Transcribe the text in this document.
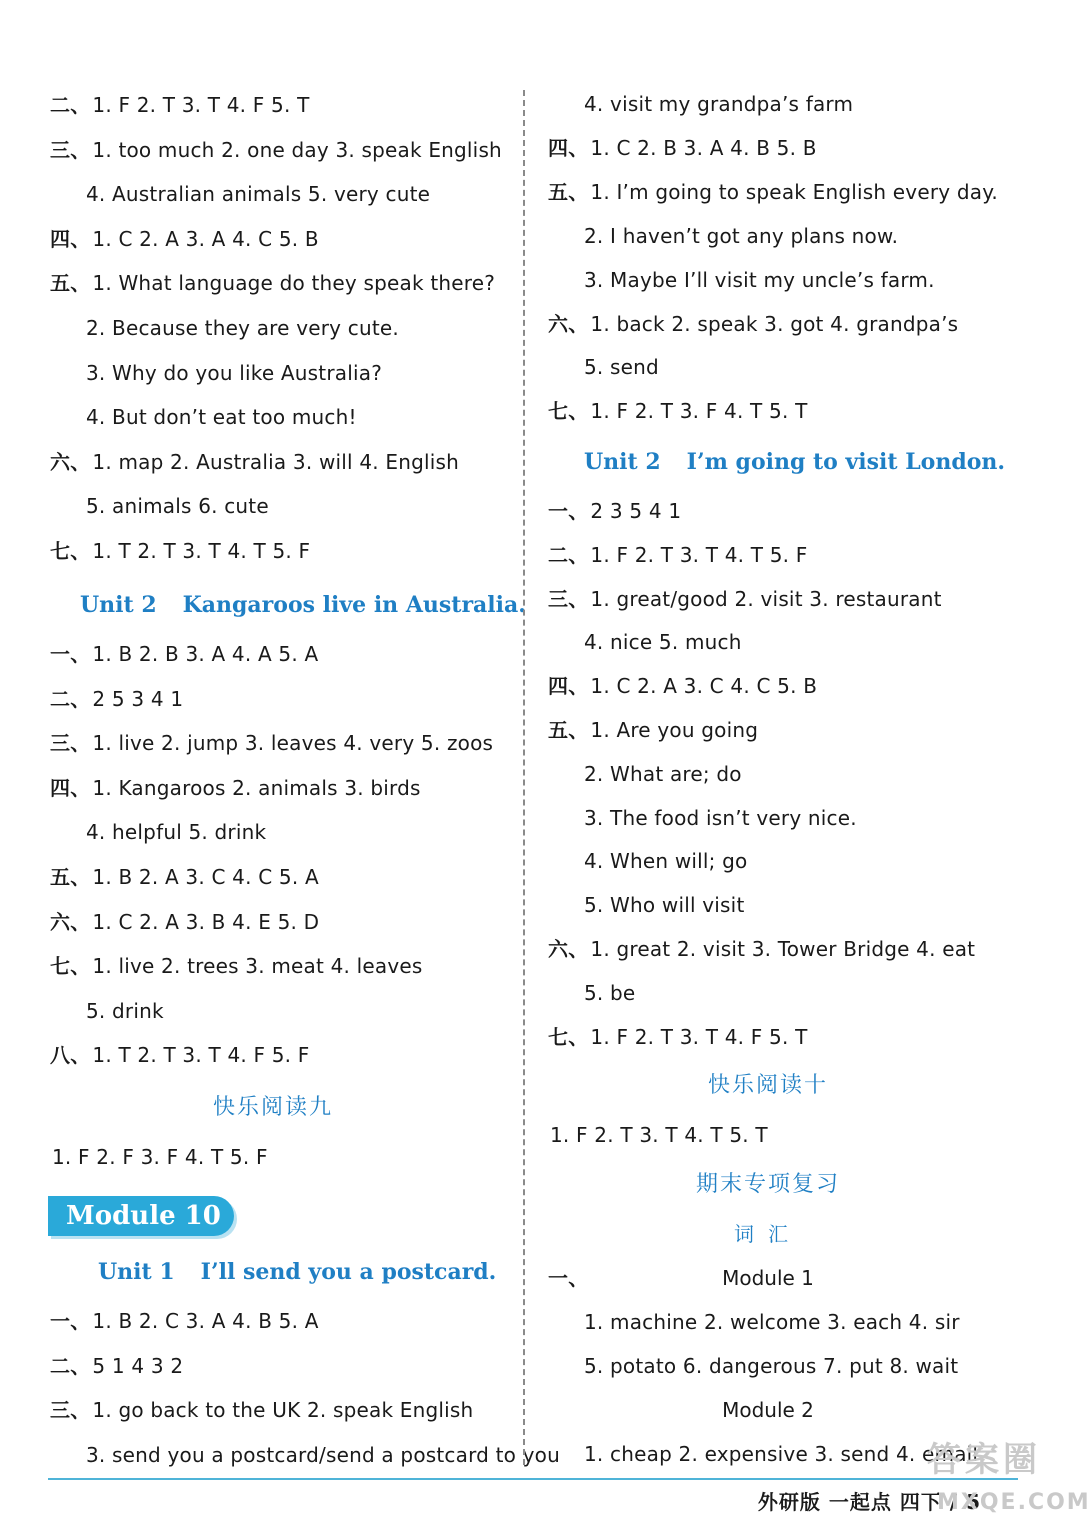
二、 1. F 2. T 3. T 4. F 5. T
三、 1. too much 2. one day 3. speak English
4. Australian animals 5. very cute
四、 1. C 2. A 3. A 4. C 5. B
五、 1. What language do they speak there?
2. Because they are very cute.
3. Why do you like Australia?
4. But don’t eat too much!
六、 1. map 2. Australia 3. will 4. English
5. animals 6. cute
七、 1. T 2. T 3. T 4. T 5. F
Unit 2 Kangaroos live in Australia.
一、 1. B 2. B 3. A 4. A 5. A
二、 2 5 3 4 1
三、 1. live 2. jump 3. leaves 4. very 5. zoos
四、 1. Kangaroos 2. animals 3. birds
4. helpful 5. drink
五、 1. B 2. A 3. C 4. C 5. A
六、 1. C 2. A 3. B 4. E 5. D
七、 1. live 2. trees 3. meat 4. leaves
5. drink
八、 1. T 2. T 3. T 4. F 5. F
快乐阅读九
1. F 2. F 3. F 4. T 5. F
Unit 1 I’ll send you a postcard.
一、 1. B 2. C 3. A 4. B 5. A
二、 5 1 4 3 2
三、 1. go back to the UK 2. speak English
3. send you a postcard/send a postcard to you
4. visit my grandpa’s farm
四、 1. C 2. B 3. A 4. B 5. B
五、 1. I’m going to speak English every day.
2. I haven’t got any plans now.
3. Maybe I’ll visit my uncle’s farm.
六、 1. back 2. speak 3. got 4. grandpa’s
5. send
七、 1. F 2. T 3. F 4. T 5. T
Unit 2 I’m going to visit London.
一、 2 3 5 4 1
二、 1. F 2. T 3. T 4. T 5. F
三、 1. great/good 2. visit 3. restaurant
4. nice 5. much
四、 1. C 2. A 3. C 4. C 5. B
五、 1. Are you going
2. What are; do
3. The food isn’t very nice.
4. When will; go
5. Who will visit
六、 1. great 2. visit 3. Tower Bridge 4. eat
5. be
七、 1. F 2. T 3. T 4. F 5. T
快乐阅读十
1. F 2. T 3. T 4. T 5. T
期末专项复习
词汇
一、	Module 1
1. machine 2. welcome 3. each 4. sir
5. potato 6. dangerous 7. put 8. wait
Module 2
1. cheap 2. expensive 3. send 4. email
Module 10
外研版 一起点 四下 / 5
答案圈
MXQE.COM
